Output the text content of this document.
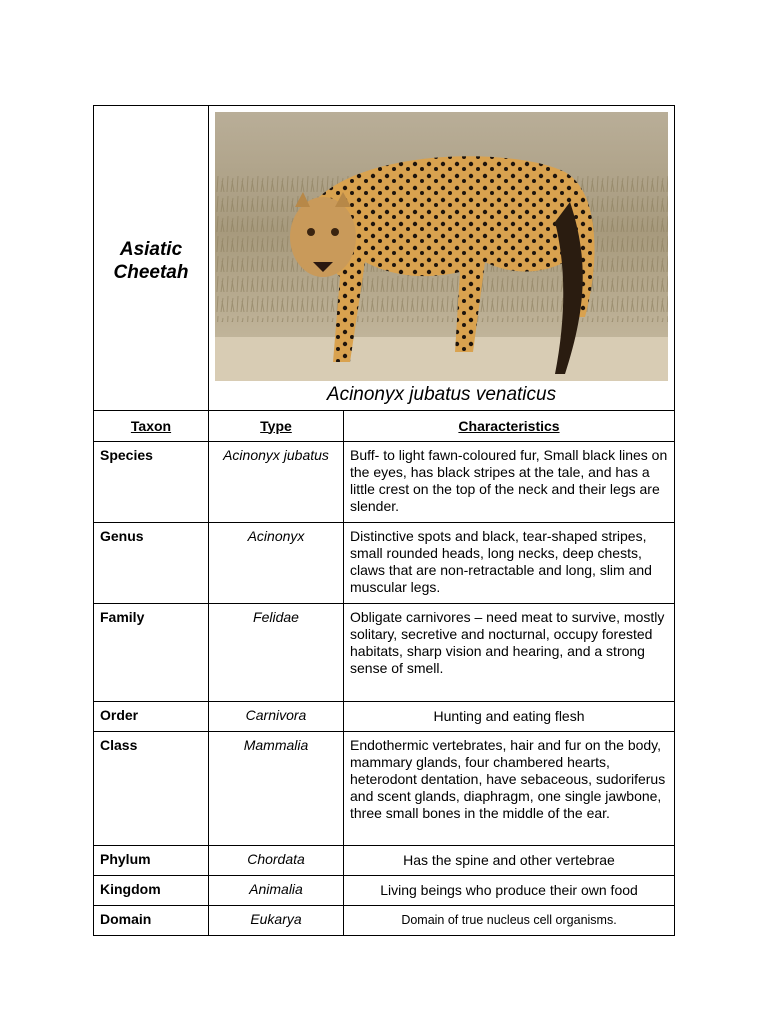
Asiatic Cheetah	Acinonyx jubatus venaticus	

Taxon	Type	Characteristics
Species	Acinonyx jubatus	Buff- to light fawn-coloured fur, Small black lines on the eyes, has black stripes at the tale, and has a little crest on the top of the neck and their legs are slender.
Genus	Acinonyx	Distinctive spots and black, tear-shaped stripes, small rounded heads, long necks, deep chests, claws that are non-retractable and long, slim and muscular legs.
Family	Felidae	Obligate carnivores – need meat to survive, mostly solitary, secretive and nocturnal, occupy forested habitats, sharp vision and hearing, and a strong sense of smell.
Order	Carnivora	Hunting and eating flesh
Class	Mammalia	Endothermic vertebrates, hair and fur on the body, mammary glands, four chambered hearts, heterodont dentation, have sebaceous, sudoriferus and scent glands, diaphragm, one single jawbone, three small bones in the middle of the ear.
Phylum	Chordata	Has the spine and other vertebrae
Kingdom	Animalia	Living beings who produce their own food
Domain	Eukarya	Domain of true nucleus cell organisms.
